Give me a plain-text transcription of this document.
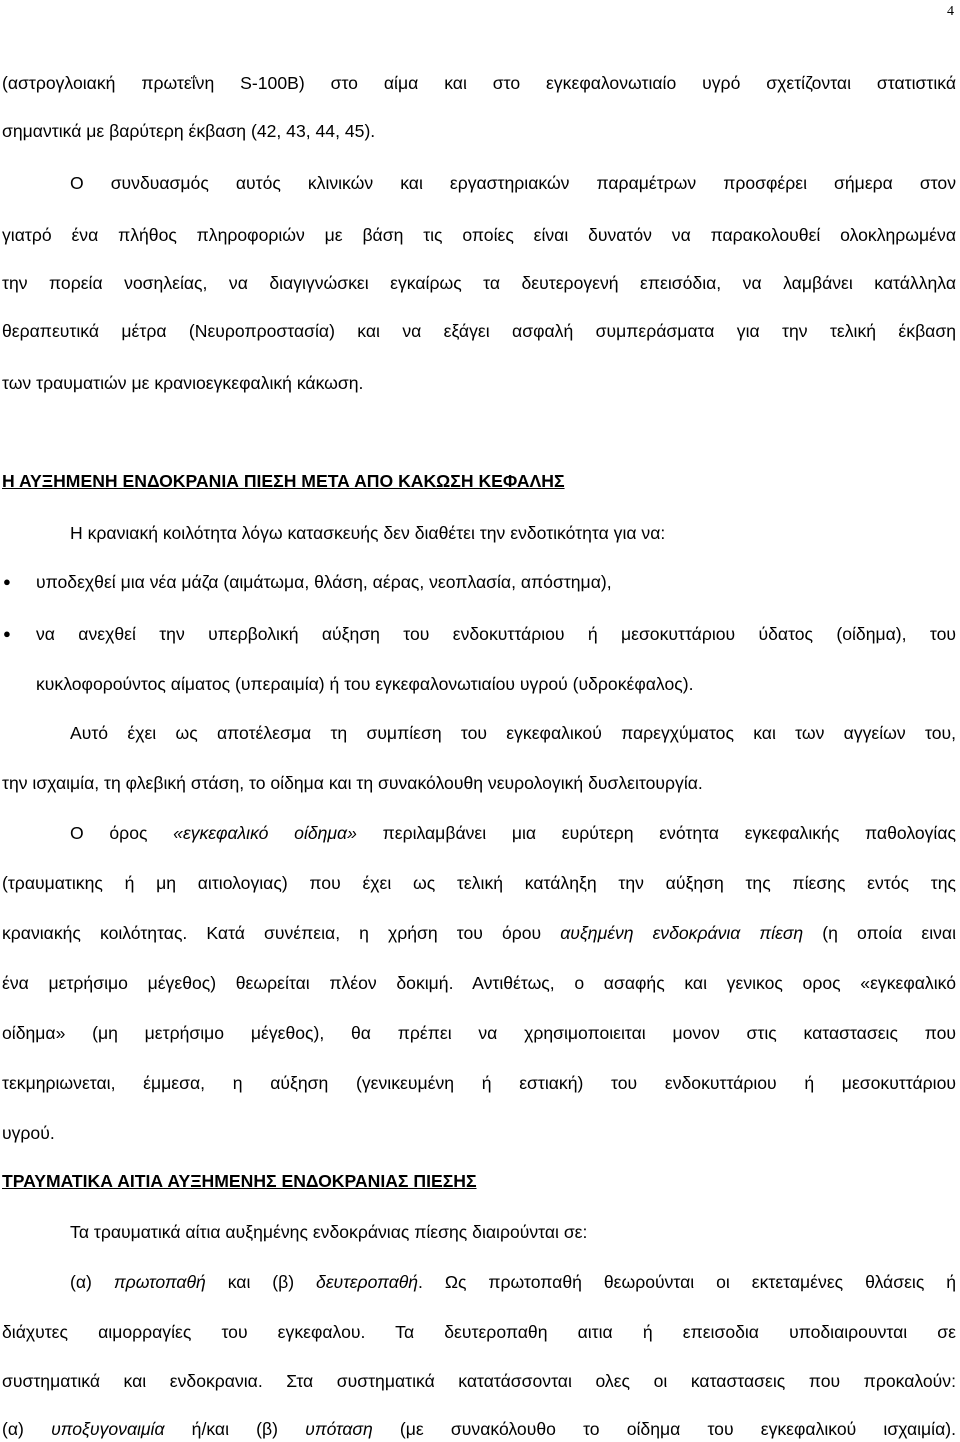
4
(αστρογλοιακή πρωτεΐνη S-100B) στο αίμα και στο εγκεφαλονωτιαίο υγρό σχετίζονται στατιστικά
σημαντικά με βαρύτερη έκβαση (42, 43, 44, 45).
Ο συνδυασμός αυτός κλινικών και εργαστηριακών παραμέτρων προσφέρει σήμερα στον
γιατρό ένα πλήθος πληροφοριών με βάση τις οποίες είναι δυνατόν να παρακολουθεί ολοκληρωμένα
την πορεία νοσηλείας, να διαγιγνώσκει εγκαίρως τα δευτερογενή επεισόδια, να λαμβάνει κατάλληλα
θεραπευτικά μέτρα (Νευροπροστασία) και να εξάγει ασφαλή συμπεράσματα για την τελική έκβαση
των τραυματιών με κρανιοεγκεφαλική κάκωση.
Η ΑΥΞΗΜΕΝΗ ΕΝΔΟΚΡΑΝΙΑ ΠΙΕΣΗ ΜΕΤΑ ΑΠΟ ΚΑΚΩΣΗ ΚΕΦΑΛΗΣ
Η κρανιακή κοιλότητα λόγω κατασκευής δεν διαθέτει την ενδοτικότητα για να:
● υποδεχθεί μια νέα μάζα (αιμάτωμα, θλάση, αέρας, νεοπλασία, απόστημα),
● να ανεχθεί την υπερβολική αύξηση του ενδοκυττάριου ή μεσοκυττάριου ύδατος (οίδημα), του
κυκλοφορούντος αίματος (υπεραιμία) ή του εγκεφαλονωτιαίου υγρού (υδροκέφαλος).
Αυτό έχει ως αποτέλεσμα τη συμπίεση του εγκεφαλικού παρεγχύματος και των αγγείων του,
την ισχαιμία, τη φλεβική στάση, το οίδημα και τη συνακόλουθη νευρολογική δυσλειτουργία.
Ο όρος «εγκεφαλικό οίδημα» περιλαμβάνει μια ευρύτερη ενότητα εγκεφαλικής παθολογίας
(τραυματικης ή μη αιτιολογιας) που έχει ως τελική κατάληξη την αύξηση της πίεσης εντός της
κρανιακής κοιλότητας. Κατά συνέπεια, η χρήση του όρου αυξημένη ενδοκράνια πίεση (η οποία ειναι
ένα μετρήσιμο μέγεθος) θεωρείται πλέον δοκιμή. Αντιθέτως, ο ασαφής και γενικος ορος «εγκεφαλικό
οίδημα» (μη μετρήσιμο μέγεθος), θα πρέπει να χρησιμοποιειται μονον στις καταστασεις που
τεκμηριωνεται, έμμεσα, η αύξηση (γενικευμένη ή εστιακή) του ενδοκυττάριου ή μεσοκυττάριου
υγρού.
ΤΡΑΥΜΑΤΙΚΑ ΑΙΤΙΑ ΑΥΞΗΜΕΝΗΣ ΕΝΔΟΚΡΑΝΙΑΣ ΠΙΕΣΗΣ
Τα τραυματικά αίτια αυξημένης ενδοκράνιας πίεσης διαιρούνται σε:
(α) πρωτοπαθή και (β) δευτεροπαθή. Ως πρωτοπαθή θεωρούνται οι εκτεταμένες θλάσεις ή
διάχυτες αιμορραγίες του εγκεφαλου. Τα δευτεροπαθη αιτια ή επεισοδια υποδιαιρουνται σε
συστηματικά και ενδοκρανια. Στα συστηματικά κατατάσσονται ολες οι καταστασεις που προκαλούν:
(α) υποξυγοναιμία ή/και (β) υπόταση (με συνακόλουθο το οίδημα του εγκεφαλικού ισχαιμία).
